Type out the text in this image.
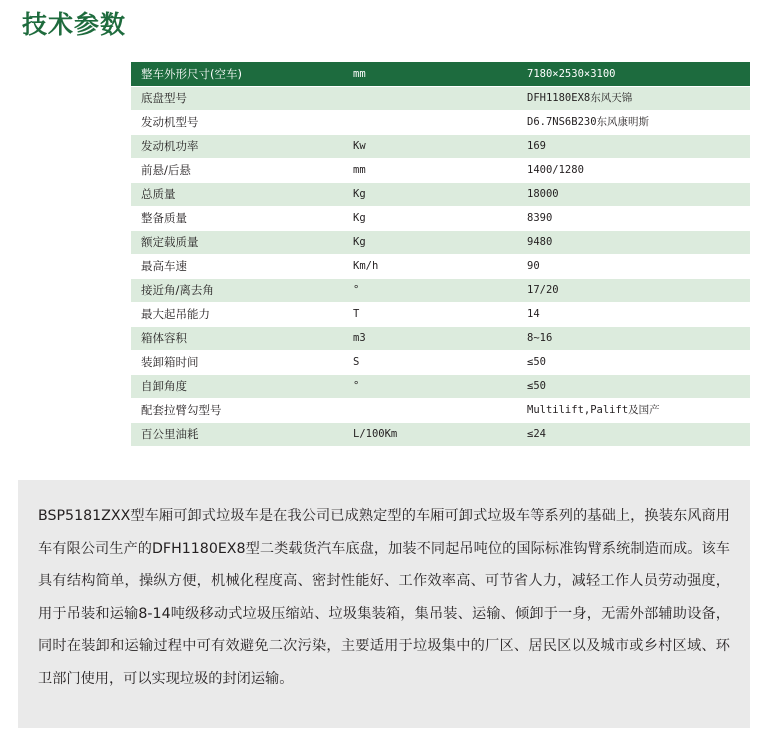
技术参数
整车外形尺寸(空车)	mm	7180×2530×3100
底盘型号		DFH1180EX8东风天锦
发动机型号		D6.7NS6B230东风康明斯
发动机功率	Kw	169
前悬/后悬	mm	1400/1280
总质量	Kg	18000
整备质量	Kg	8390
额定载质量	Kg	9480
最高车速	Km/h	90
接近角/离去角	°	17/20
最大起吊能力	T	14
箱体容积	m3	8~16
装卸箱时间	S	≤50
自卸角度	°	≤50
配套拉臂勾型号		Multilift,Palift及国产
百公里油耗	L/100Km	≤24

BSP5181ZXX型车厢可卸式垃圾车是在我公司已成熟定型的车厢可卸式垃圾车等系列的基础上，换装东风商用车有限公司生产的DFH1180EX8型二类载货汽车底盘，加装不同起吊吨位的国际标准钩臂系统制造而成。该车具有结构简单，操纵方便，机械化程度高、密封性能好、工作效率高、可节省人力，减轻工作人员劳动强度，用于吊装和运输8-14吨级移动式垃圾压缩站、垃圾集装箱，集吊装、运输、倾卸于一身，无需外部辅助设备，同时在装卸和运输过程中可有效避免二次污染，主要适用于垃圾集中的厂区、居民区以及城市或乡村区域、环卫部门使用，可以实现垃圾的封闭运输。
